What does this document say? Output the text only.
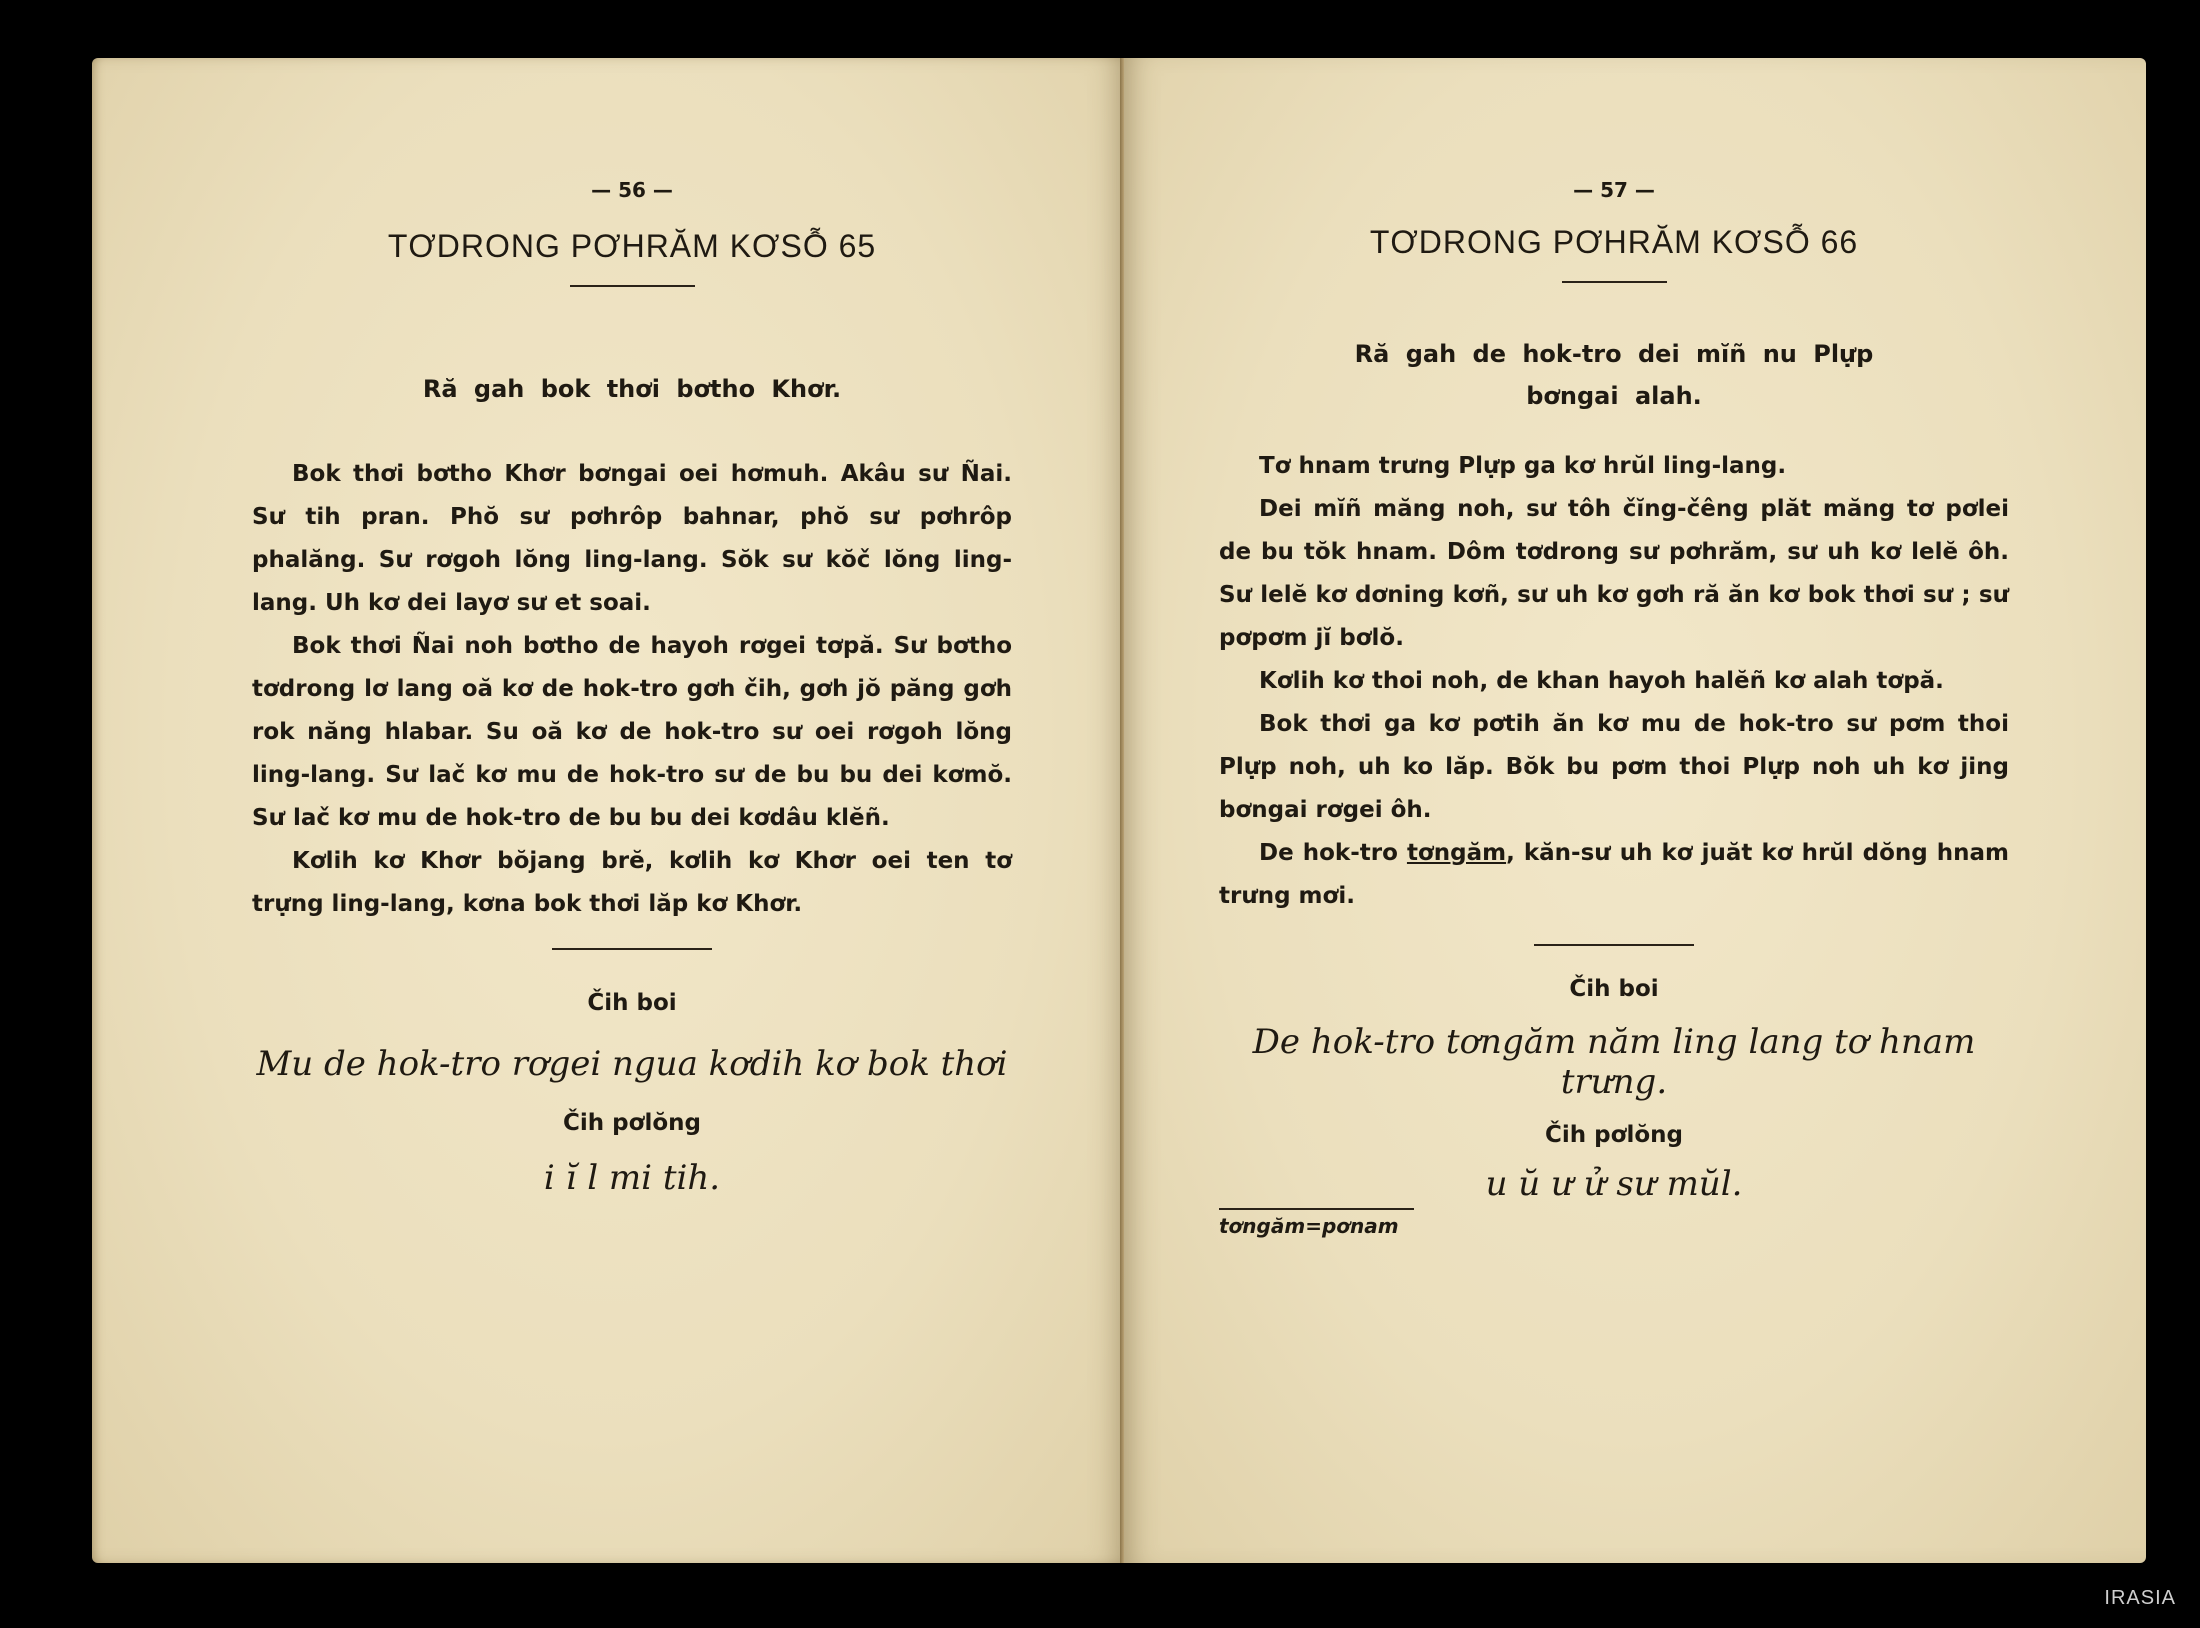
— 56 —
TƠDRONG PƠHRĂM KƠSỖ 65
Ră gah bok thơi bơtho Khơr.

Bok thơi bơtho Khơr bơngai oei hơmuh. Akâu sư Ñai. Sư tih pran. Phŏ sư pơhrôp bahnar, phŏ sư pơhrôp phalăng. Sư rơgoh lŏng ling-lang. Sŏk sư kŏč lŏng ling-lang. Uh kơ dei layơ sư et soai.

Bok thơi Ñai noh bơtho de hayoh rơgei tơpă. Sư bơtho tơdrong lơ lang oă kơ de hok-tro gơh čih, gơh jŏ păng gơh rok năng hlabar. Su oă kơ de hok-tro sư oei rơgoh lŏng ling-lang. Sư lač kơ mu de hok-tro sư de bu bu dei kơmŏ. Sư lač kơ mu de hok-tro de bu bu dei kơdâu klĕñ.

Kơlih kơ Khơr bŏjang brĕ, kơlih kơ Khơr oei ten tơ trựng ling-lang, kơna bok thơi lăp kơ Khơr.

Čih boi
Mu de hok-tro rơgei ngua kơdih kơ bok thơi
Čih pơlŏng
i ĭ l mi tih.
— 57 —
TƠDRONG PƠHRĂM KƠSỖ 66
Ră gah de hok-tro dei mĭñ nu Plựp
bơngai alah.

Tơ hnam trưng Plựp ga kơ hrŭl ling-lang.

Dei mĭñ măng noh, sư tôh čĭng-čêng plăt măng tơ pơlei de bu tŏk hnam. Dôm tơdrong sư pơhrăm, sư uh kơ lelĕ ôh. Sư lelĕ kơ dơning kơñ, sư uh kơ gơh ră ăn kơ bok thơi sư ; sư pơpơm jĭ bơlŏ.

Kơlih kơ thoi noh, de khan hayoh halĕñ kơ alah tơpă.

Bok thơi ga kơ pơtih ăn kơ mu de hok-tro sư pơm thoi Plựp noh, uh ko lăp. Bŏk bu pơm thoi Plựp noh uh kơ jing bơngai rơgei ôh.

De hok-tro tơngăm, kăn-sư uh kơ juăt kơ hrŭl dŏng hnam trưng mơi.

Čih boi
De hok-tro tơngăm năm ling lang tơ hnam trưng.
Čih pơlŏng
u ŭ ư ử sư mŭl.
tơngăm=pơnam
IRASIA
